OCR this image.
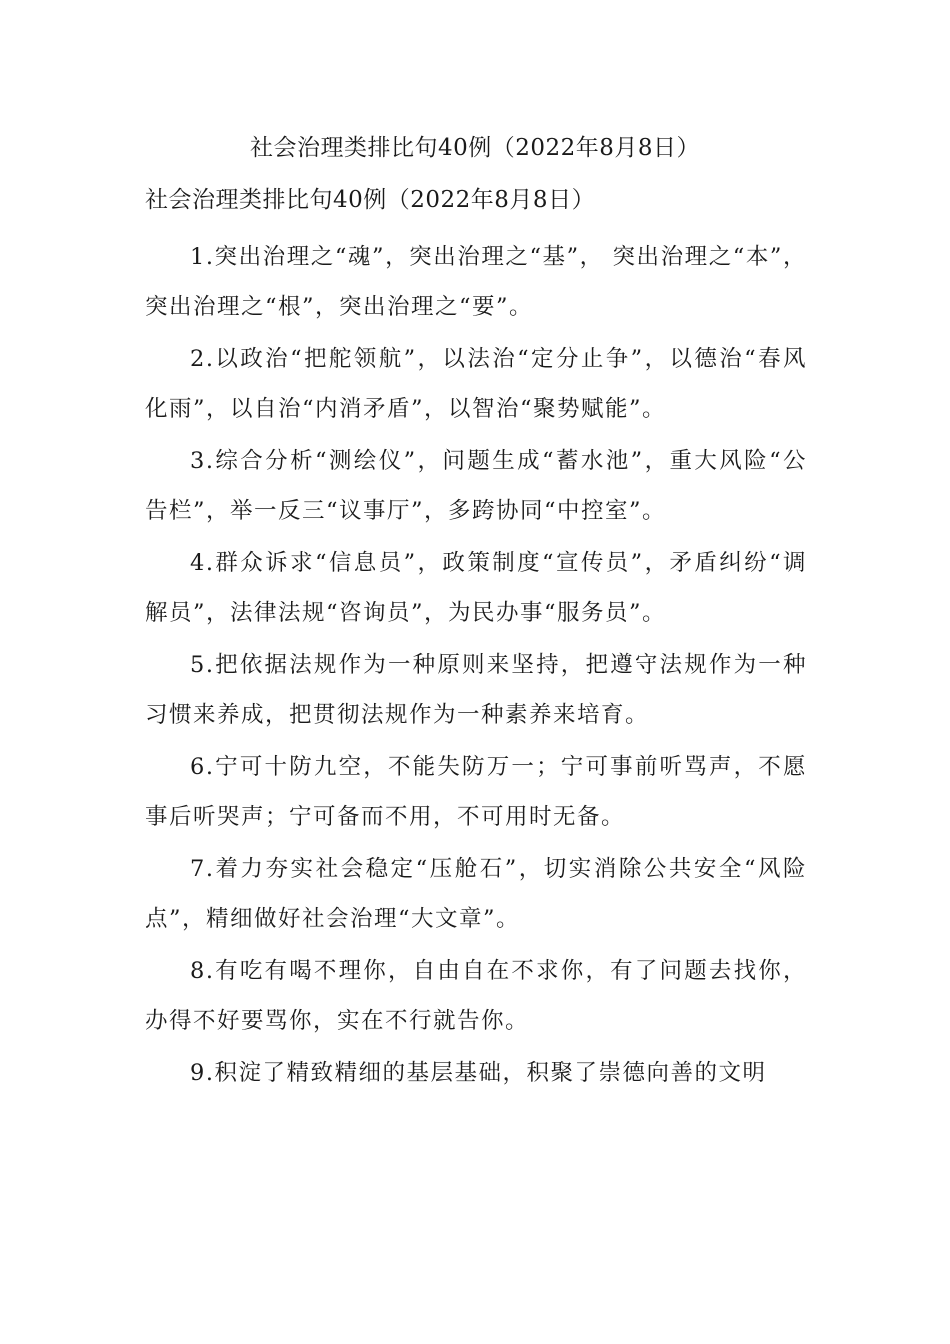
社会治理类排比句40例（2022年8月8日）
社会治理类排比句40例（2022年8月8日）

1.突出治理之“魂”，突出治理之“基”， 突出治理之“本”， 突出治理之“根”，突出治理之“要”。

2.以政治“把舵领航”，以法治“定分止争”，以德治“春风化雨”，以自治“内消矛盾”，以智治“聚势赋能”。

3.综合分析“测绘仪”，问题生成“蓄水池”，重大风险“公告栏”，举一反三“议事厅”，多跨协同“中控室”。

4.群众诉求“信息员”，政策制度“宣传员”，矛盾纠纷“调解员”，法律法规“咨询员”，为民办事“服务员”。

5.把依据法规作为一种原则来坚持，把遵守法规作为一种习惯来养成，把贯彻法规作为一种素养来培育。

6.宁可十防九空，不能失防万一；宁可事前听骂声，不愿事后听哭声；宁可备而不用，不可用时无备。

7.着力夯实社会稳定“压舱石”，切实消除公共安全“风险点”，精细做好社会治理“大文章”。

8.有吃有喝不理你，自由自在不求你，有了问题去找你，办得不好要骂你，实在不行就告你。

9.积淀了精致精细的基层基础，积聚了崇德向善的文明
